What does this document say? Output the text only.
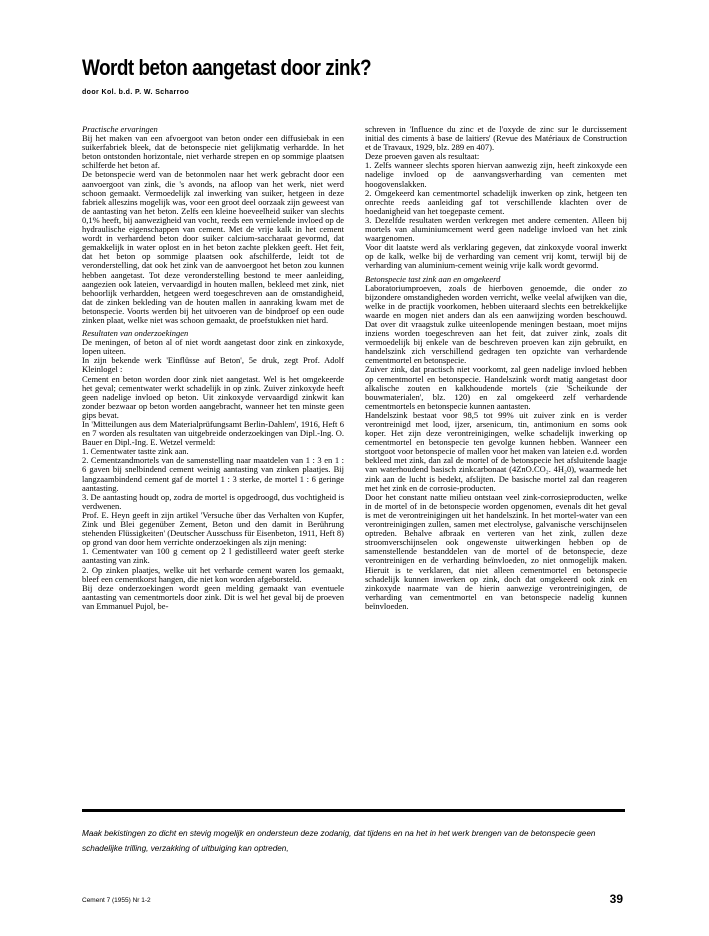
Wordt beton aangetast door zink?
door Kol. b.d. P. W. Scharroo

Practische ervaringen

Bij het maken van een afvoergoot van beton onder een diffusiebak in een suikerfabriek bleek, dat de betonspecie niet gelijkmatig verhardde. In het beton ontstonden horizontale, niet verharde strepen en op sommige plaatsen schilferde het beton af.

De betonspecie werd van de betonmolen naar het werk gebracht door een aanvoergoot van zink, die 's avonds, na afloop van het werk, niet werd schoon gemaakt. Vermoedelijk zal inwerking van suiker, hetgeen in deze fabriek alleszins mogelijk was, voor een groot deel oorzaak zijn geweest van de aantasting van het beton. Zelfs een kleine hoeveelheid suiker van slechts 0,1% heeft, bij aanwezigheid van vocht, reeds een vernielende invloed op de hydraulische eigenschappen van cement. Met de vrije kalk in het cement wordt in verhardend beton door suiker calcium-saccharaat gevormd, dat gemakkelijk in water oplost en in het beton zachte plekken geeft. Het feit, dat het beton op sommige plaatsen ook afschilferde, leidt tot de veronderstelling, dat ook het zink van de aanvoergoot het beton zou kunnen hebben aangetast. Tot deze veronderstelling bestond te meer aanleiding, aangezien ook lateien, vervaardigd in houten mallen, bekleed met zink, niet behoorlijk verhardden, hetgeen werd toegeschreven aan de omstandigheid, dat de zinken bekleding van de houten mallen in aanraking kwam met de betonspecie. Voorts werden bij het uitvoeren van de bindproef op een oude zinken plaat, welke niet was schoon gemaakt, de proefstukken niet hard.

Resultaten van onderzoekingen

De meningen, of beton al of niet wordt aangetast door zink en zinkoxyde, lopen uiteen.

In zijn bekende werk 'Einflüsse auf Beton', 5e druk, zegt Prof. Adolf Kleinlogel :

Cement en beton worden door zink niet aangetast. Wel is het omgekeerde het geval; cementwater werkt schadelijk in op zink. Zuiver zinkoxyde heeft geen nadelige invloed op beton. Uit zinkoxyde vervaardigd zinkwit kan zonder bezwaar op beton worden aangebracht, wanneer het ten minste geen gips bevat.

In 'Mitteilungen aus dem Materialprüfungsamt Berlin-Dahlem', 1916, Heft 6 en 7 worden als resultaten van uitgebreide onderzoekingen van Dipl.-Ing. O. Bauer en Dipl.-Ing. E. Wetzel vermeld:

1. Cementwater tastte zink aan.

2. Cementzandmortels van de samenstelling naar maatdelen van 1 : 3 en 1 : 6 gaven bij snelbindend cement weinig aantasting van zinken plaatjes. Bij langzaambindend cement gaf de mortel 1 : 3 sterke, de mortel 1 : 6 geringe aantasting.

3. De aantasting houdt op, zodra de mortel is opgedroogd, dus vochtigheid is verdwenen.

Prof. E. Heyn geeft in zijn artikel 'Versuche über das Verhalten von Kupfer, Zink und Blei gegenüber Zement, Beton und den damit in Berührung stehenden Flüssigkeiten' (Deutscher Ausschuss für Eisenbeton, 1911, Heft 8) op grond van door hem verrichte onderzoekingen als zijn mening:

1. Cementwater van 100 g cement op 2 l gedistilleerd water geeft sterke aantasting van zink.

2. Op zinken plaatjes, welke uit het verharde cement waren los gemaakt, bleef een cementkorst hangen, die niet kon worden afgeborsteld.

Bij deze onderzoekingen wordt geen melding gemaakt van eventuele aantasting van cementmortels door zink. Dit is wel het geval bij de proeven van Emmanuel Pujol, be-

schreven in 'Influence du zinc et de l'oxyde de zinc sur le durcissement initial des ciments à base de laitiers' (Revue des Matériaux de Construction et de Travaux, 1929, blz. 289 en 407).

Deze proeven gaven als resultaat:

1. Zelfs wanneer slechts sporen hiervan aanwezig zijn, heeft zinkoxyde een nadelige invloed op de aanvangsverharding van cementen met hoogovenslakken.

2. Omgekeerd kan cementmortel schadelijk inwerken op zink, hetgeen ten onrechte reeds aanleiding gaf tot verschillende klachten over de hoedanigheid van het toegepaste cement.

3. Dezelfde resultaten werden verkregen met andere cementen. Alleen bij mortels van aluminiumcement werd geen nadelige invloed van het zink waargenomen.

Voor dit laatste werd als verklaring gegeven, dat zinkoxyde vooral inwerkt op de kalk, welke bij de verharding van cement vrij komt, terwijl bij de verharding van aluminium-cement weinig vrije kalk wordt gevormd.

Betonspecie tast zink aan en omgekeerd

Laboratoriumproeven, zoals de hierboven genoemde, die onder zo bijzondere omstandigheden worden verricht, welke veelal afwijken van die, welke in de practijk voorkomen, hebben uiteraard slechts een betrekkelijke waarde en mogen niet anders dan als een aanwijzing worden beschouwd. Dat over dit vraagstuk zulke uiteenlopende meningen bestaan, moet mijns inziens worden toegeschreven aan het feit, dat zuiver zink, zoals dit vermoedelijk bij enkele van de beschreven proeven kan zijn gebruikt, en handelszink zich verschillend gedragen ten opzichte van verhardende cementmortel en betonspecie.

Zuiver zink, dat practisch niet voorkomt, zal geen nadelige invloed hebben op cementmortel en betonspecie. Handelszink wordt matig aangetast door alkalische zouten en kalkhoudende mortels (zie 'Scheikunde der bouwmaterialen', blz. 120) en zal omgekeerd zelf verhardende cementmortels en betonspecie kunnen aantasten.

Handelszink bestaat voor 98,5 tot 99% uit zuiver zink en is verder verontreinigd met lood, ijzer, arsenicum, tin, antimonium en soms ook koper. Het zijn deze verontreinigingen, welke schadelijk inwerking op cementmortel en betonspecie ten gevolge kunnen hebben. Wanneer een stortgoot voor betonspecie of mallen voor het maken van lateien e.d. worden bekleed met zink, dan zal de mortel of de betonspecie het afsluitende laagje van waterhoudend basisch zinkcarbonaat (4ZnO.CO₂. 4H₂0), waarmede het zink aan de lucht is bedekt, afslijten. De basische mortel zal dan reageren met het zink en de corrosie-producten.

Door het constant natte milieu ontstaan veel zink-corrosieproducten, welke in de mortel of in de betonspecie worden opgenomen, evenals dit het geval is met de verontreinigingen uit het handelszink. In het mortel-water van een verontreinigingen zullen, samen met electrolyse, galvanische verschijnselen optreden. Behalve afbraak en verteren van het zink, zullen deze stroomverschijnselen ook ongewenste uitwerkingen hebben op de samenstellende bestanddelen van de mortel of de betonspecie, deze verontreinigen en de verharding beïnvloeden, zo niet onmogelijk maken. Hieruit is te verklaren, dat niet alleen cementmortel en betonspecie schadelijk kunnen inwerken op zink, doch dat omgekeerd ook zink en zinkoxyde naarmate van de hierin aanwezige verontreinigingen, de verharding van cementmortel en van betonspecie nadelig kunnen beïnvloeden.

Maak bekistingen zo dicht en stevig mogelijk en ondersteun deze zodanig, dat tijdens en na het in het werk brengen van de betonspecie geen schadelijke trilling, verzakking of uitbuiging kan optreden,
Cement 7 (1955) Nr 1-2	39
